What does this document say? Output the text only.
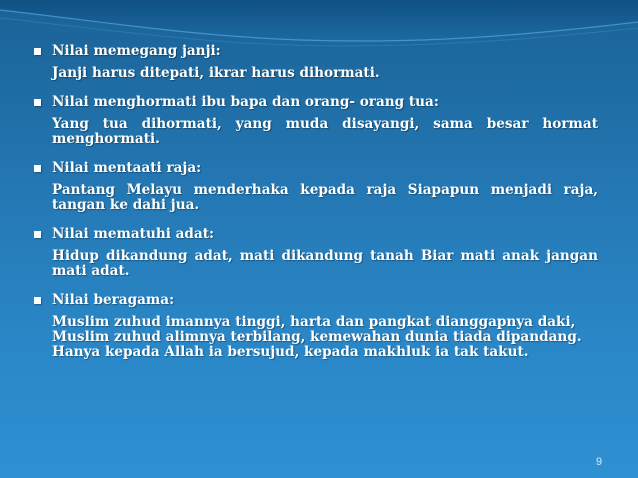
Nilai memegang janji:
Janji harus ditepati, ikrar harus dihormati.
Nilai menghormati ibu bapa dan orang- orang tua:
Yang tua dihormati, yang muda disayangi, sama besar hormat menghormati.
Nilai mentaati raja:
Pantang Melayu menderhaka kepada raja Siapapun menjadi raja, tangan ke dahi jua.
Nilai mematuhi adat:
Hidup dikandung adat, mati dikandung tanah Biar mati anak jangan mati adat.
Nilai beragama:
Muslim zuhud imannya tinggi, harta dan pangkat dianggapnya daki,
Muslim zuhud alimnya terbilang, kemewahan dunia tiada dipandang.
Hanya kepada Allah ia bersujud, kepada makhluk ia tak takut.
9
